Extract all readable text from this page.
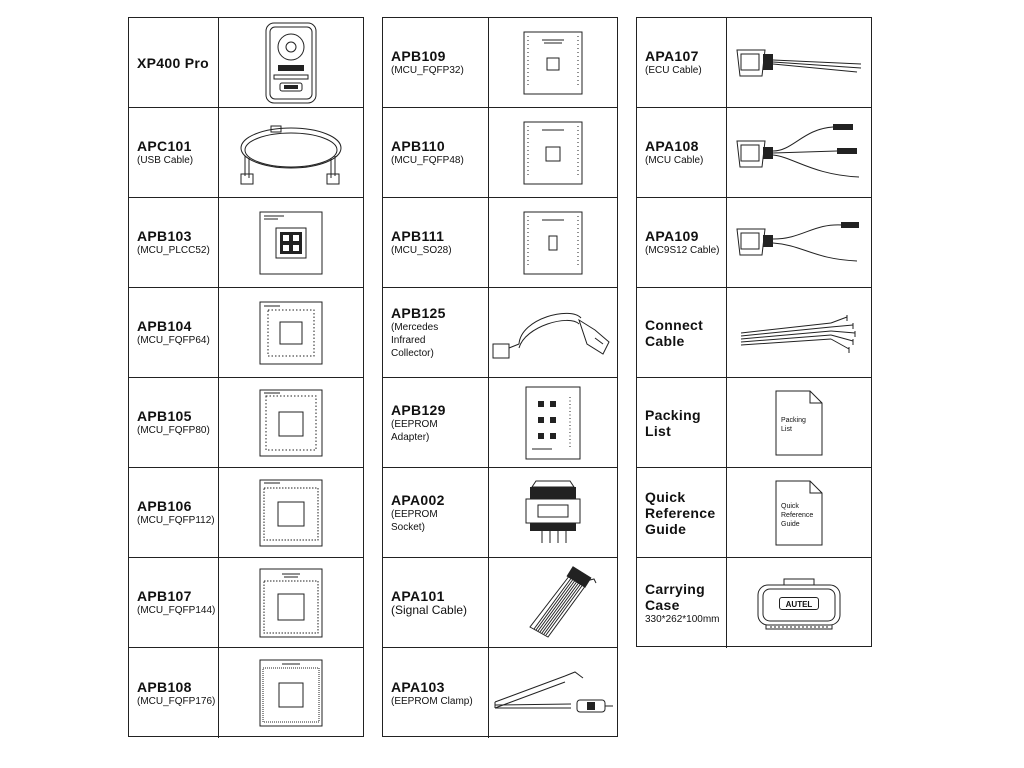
XP400 Pro
APC101
(USB Cable)
APB103
(MCU_PLCC52)
APB104
(MCU_FQFP64)
APB105
(MCU_FQFP80)
APB106
(MCU_FQFP112)
APB107
(MCU_FQFP144)
APB108
(MCU_FQFP176)
APB109
(MCU_FQFP32)
APB110
(MCU_FQFP48)
APB111
(MCU_SO28)
APB125
(Mercedes Infrared Collector)
APB129
(EEPROM Adapter)
APA002
(EEPROM Socket)
APA101
(Signal Cable)
APA103
(EEPROM Clamp)
APA107
(ECU Cable)
APA108
(MCU Cable)
APA109
(MC9S12 Cable)
Connect Cable
Packing List
Packing List
Quick Reference Guide
Quick Reference Guide
Carrying Case
330*262*100mm
AUTEL
